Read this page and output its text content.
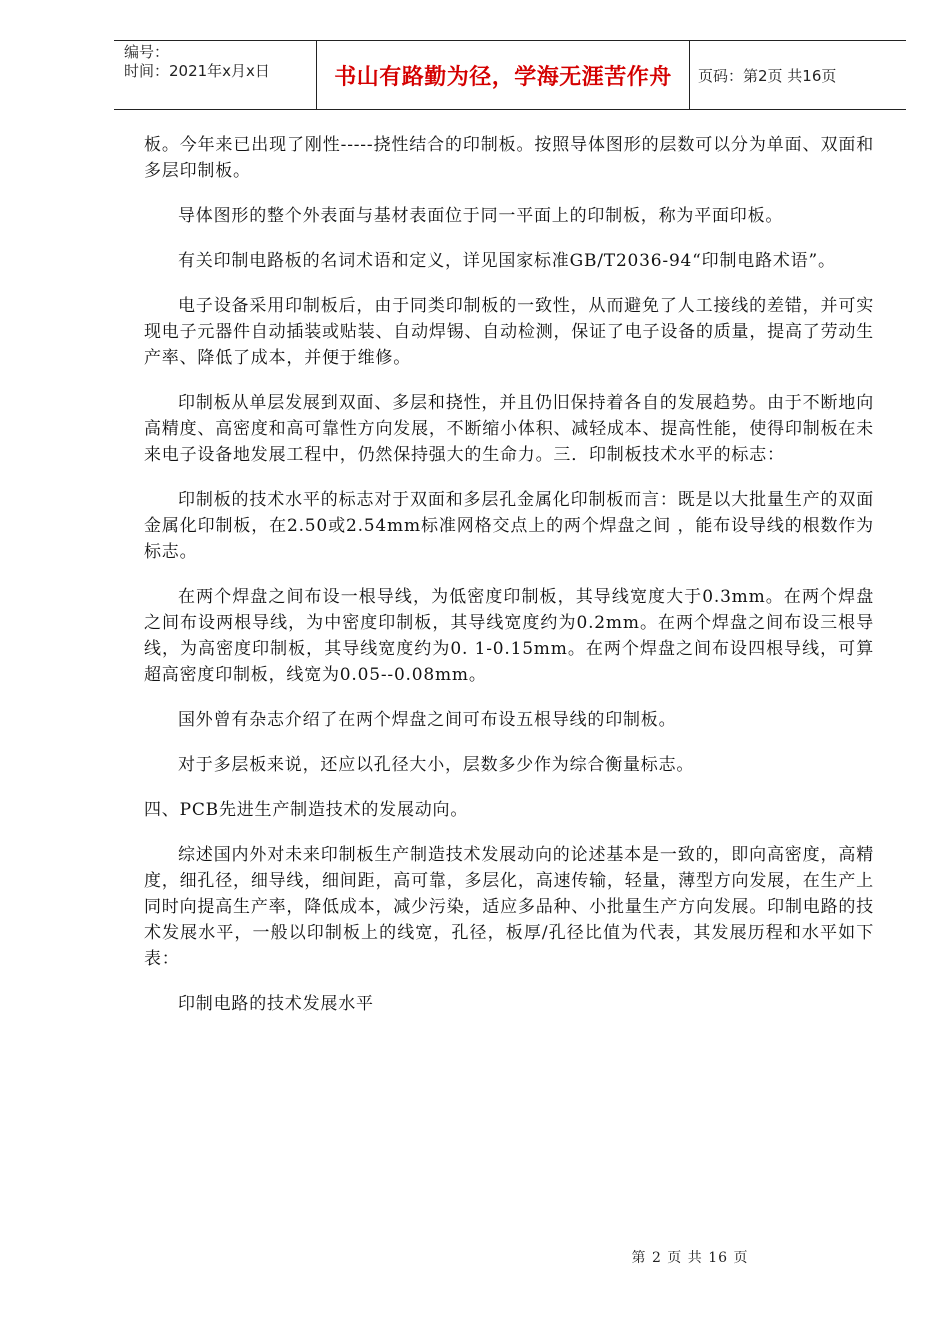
编号：
时间：2021年x月x日	书山有路勤为径，学海无涯苦作舟	页码：第2页 共16页

板。今年来已出现了刚性-----挠性结合的印制板。按照导体图形的层数可以分为单面、双面和多层印制板。

导体图形的整个外表面与基材表面位于同一平面上的印制板，称为平面印板。

有关印制电路板的名词术语和定义，详见国家标准GB/T2036-94“印制电路术语”。

电子设备采用印制板后，由于同类印制板的一致性，从而避免了人工接线的差错，并可实现电子元器件自动插装或贴装、自动焊锡、自动检测，保证了电子设备的质量，提高了劳动生产率、降低了成本，并便于维修。

印制板从单层发展到双面、多层和挠性，并且仍旧保持着各自的发展趋势。由于不断地向高精度、高密度和高可靠性方向发展，不断缩小体积、减轻成本、提高性能，使得印制板在未来电子设备地发展工程中，仍然保持强大的生命力。三．印制板技术水平的标志：

印制板的技术水平的标志对于双面和多层孔金属化印制板而言：既是以大批量生产的双面金属化印制板，在2.50或2.54mm标准网格交点上的两个焊盘之间 ，能布设导线的根数作为标志。

在两个焊盘之间布设一根导线，为低密度印制板，其导线宽度大于0.3mm。在两个焊盘之间布设两根导线，为中密度印制板，其导线宽度约为0.2mm。在两个焊盘之间布设三根导线，为高密度印制板，其导线宽度约为0. 1-0.15mm。在两个焊盘之间布设四根导线，可算超高密度印制板，线宽为0.05--0.08mm。

国外曾有杂志介绍了在两个焊盘之间可布设五根导线的印制板。

对于多层板来说，还应以孔径大小，层数多少作为综合衡量标志。

四、PCB先进生产制造技术的发展动向。

综述国内外对未来印制板生产制造技术发展动向的论述基本是一致的，即向高密度，高精度，细孔径，细导线，细间距，高可靠，多层化，高速传输，轻量，薄型方向发展，在生产上同时向提高生产率，降低成本，减少污染，适应多品种、小批量生产方向发展。印制电路的技术发展水平，一般以印制板上的线宽，孔径，板厚/孔径比值为代表，其发展历程和水平如下表：

印制电路的技术发展水平

第 2 页 共 16 页
